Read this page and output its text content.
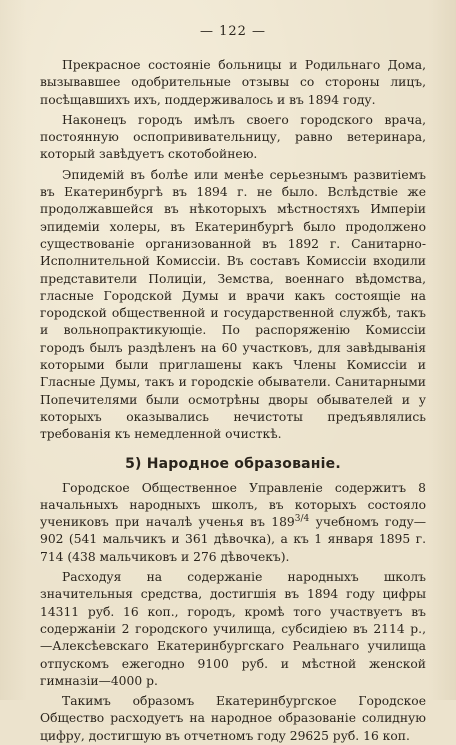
— 122 —

Прекрасное состояніе больницы и Родильнаго Дома, вызывавшее одобрительные отзывы со стороны лицъ, посѣщавшихъ ихъ, поддерживалось и въ 1894 году.

Наконецъ городъ имѣлъ своего городского врача, постоянную оспопрививательницу, равно ветеринара, который завѣдуетъ скотобойнею.

Эпидемій въ болѣе или менѣе серьезнымъ развитіемъ въ Екатеринбургѣ въ 1894 г. не было. Вслѣдствіе же продолжавшейся въ нѣкоторыхъ мѣстностяхъ Имперіи эпидеміи холеры, въ Екатеринбургѣ было продолжено существованіе организованной въ 1892 г. Санитарно-Исполнительной Комиссіи. Въ составъ Комиссіи входили представители Полиціи, Земства, военнаго вѣдомства, гласные Городской Думы и врачи какъ состоящіе на городской общественной и государственной службѣ, такъ и вольнопрактикующіе. По распоряженію Комиссіи городъ былъ раздѣленъ на 60 участковъ, для завѣдыванія которыми были приглашены какъ Члены Комиссіи и Гласные Думы, такъ и городскіе обыватели. Санитарными Попечителями были осмотрѣны дворы обывателей и у которыхъ оказывались нечистоты предъявлялись требованія къ немедленной очисткѣ.

5) Народное образованіе.

Городское Общественное Управленіе содержитъ 8 начальныхъ народныхъ школъ, въ которыхъ состояло учениковъ при началѣ ученья въ $189^{3/4}$ учебномъ году—902 (541 мальчикъ и 361 дѣвочка), а къ 1 января 1895 г. 714 (438 мальчиковъ и 276 дѣвочекъ).

Расходуя на содержаніе народныхъ школъ значительныя средства, достигшія въ 1894 году цифры 14311 руб. 16 коп., городъ, кромѣ того участвуетъ въ содержаніи 2 городского училища, субсидіею въ 2114 р.,—Алексѣевскаго Екатеринбургскаго Реальнаго училища отпускомъ ежегодно 9100 руб. и мѣстной женской гимназіи—4000 р.

Такимъ образомъ Екатеринбургское Городское Общество расходуетъ на народное образованіе солидную цифру, достигшую въ отчетномъ году 29625 руб. 16 коп.
